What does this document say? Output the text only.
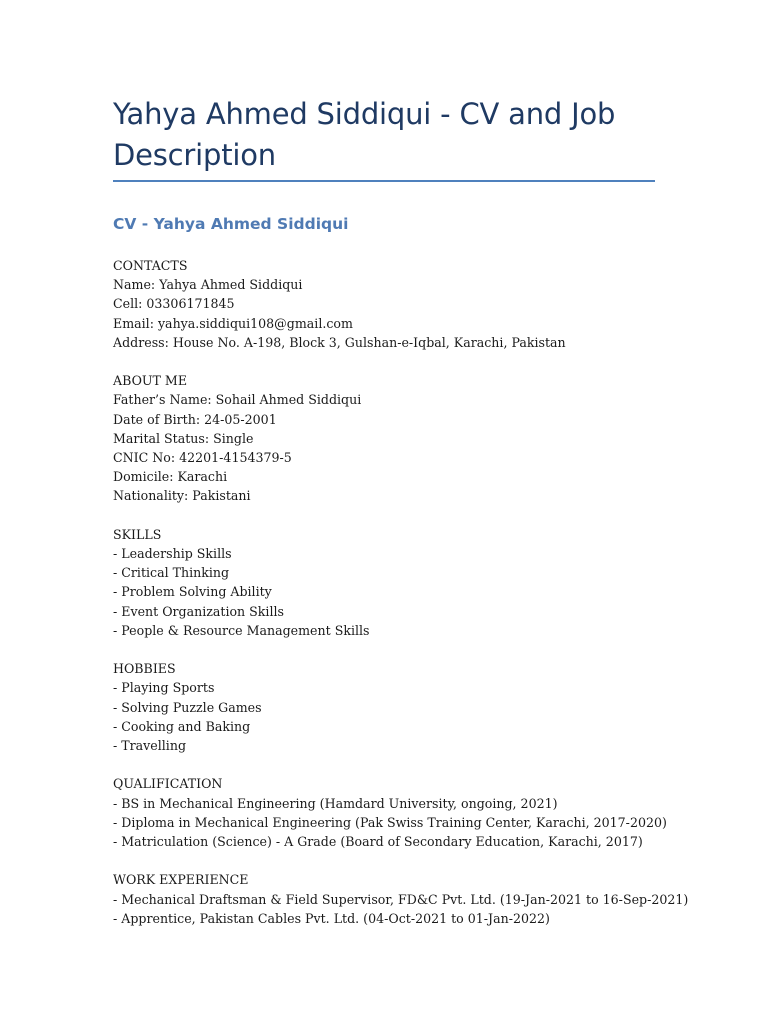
Yahya Ahmed Siddiqui - CV and Job Description
CV - Yahya Ahmed Siddiqui
CONTACTS
Name: Yahya Ahmed Siddiqui
Cell: 03306171845
Email: yahya.siddiqui108@gmail.com
Address: House No. A-198, Block 3, Gulshan-e-Iqbal, Karachi, Pakistan
ABOUT ME
Father’s Name: Sohail Ahmed Siddiqui
Date of Birth: 24-05-2001
Marital Status: Single
CNIC No: 42201-4154379-5
Domicile: Karachi
Nationality: Pakistani
SKILLS
- Leadership Skills
- Critical Thinking
- Problem Solving Ability
- Event Organization Skills
- People & Resource Management Skills
HOBBIES
- Playing Sports
- Solving Puzzle Games
- Cooking and Baking
- Travelling
QUALIFICATION
- BS in Mechanical Engineering (Hamdard University, ongoing, 2021)
- Diploma in Mechanical Engineering (Pak Swiss Training Center, Karachi, 2017-2020)
- Matriculation (Science) - A Grade (Board of Secondary Education, Karachi, 2017)
WORK EXPERIENCE
- Mechanical Draftsman & Field Supervisor, FD&C Pvt. Ltd. (19-Jan-2021 to 16-Sep-2021)
- Apprentice, Pakistan Cables Pvt. Ltd. (04-Oct-2021 to 01-Jan-2022)
